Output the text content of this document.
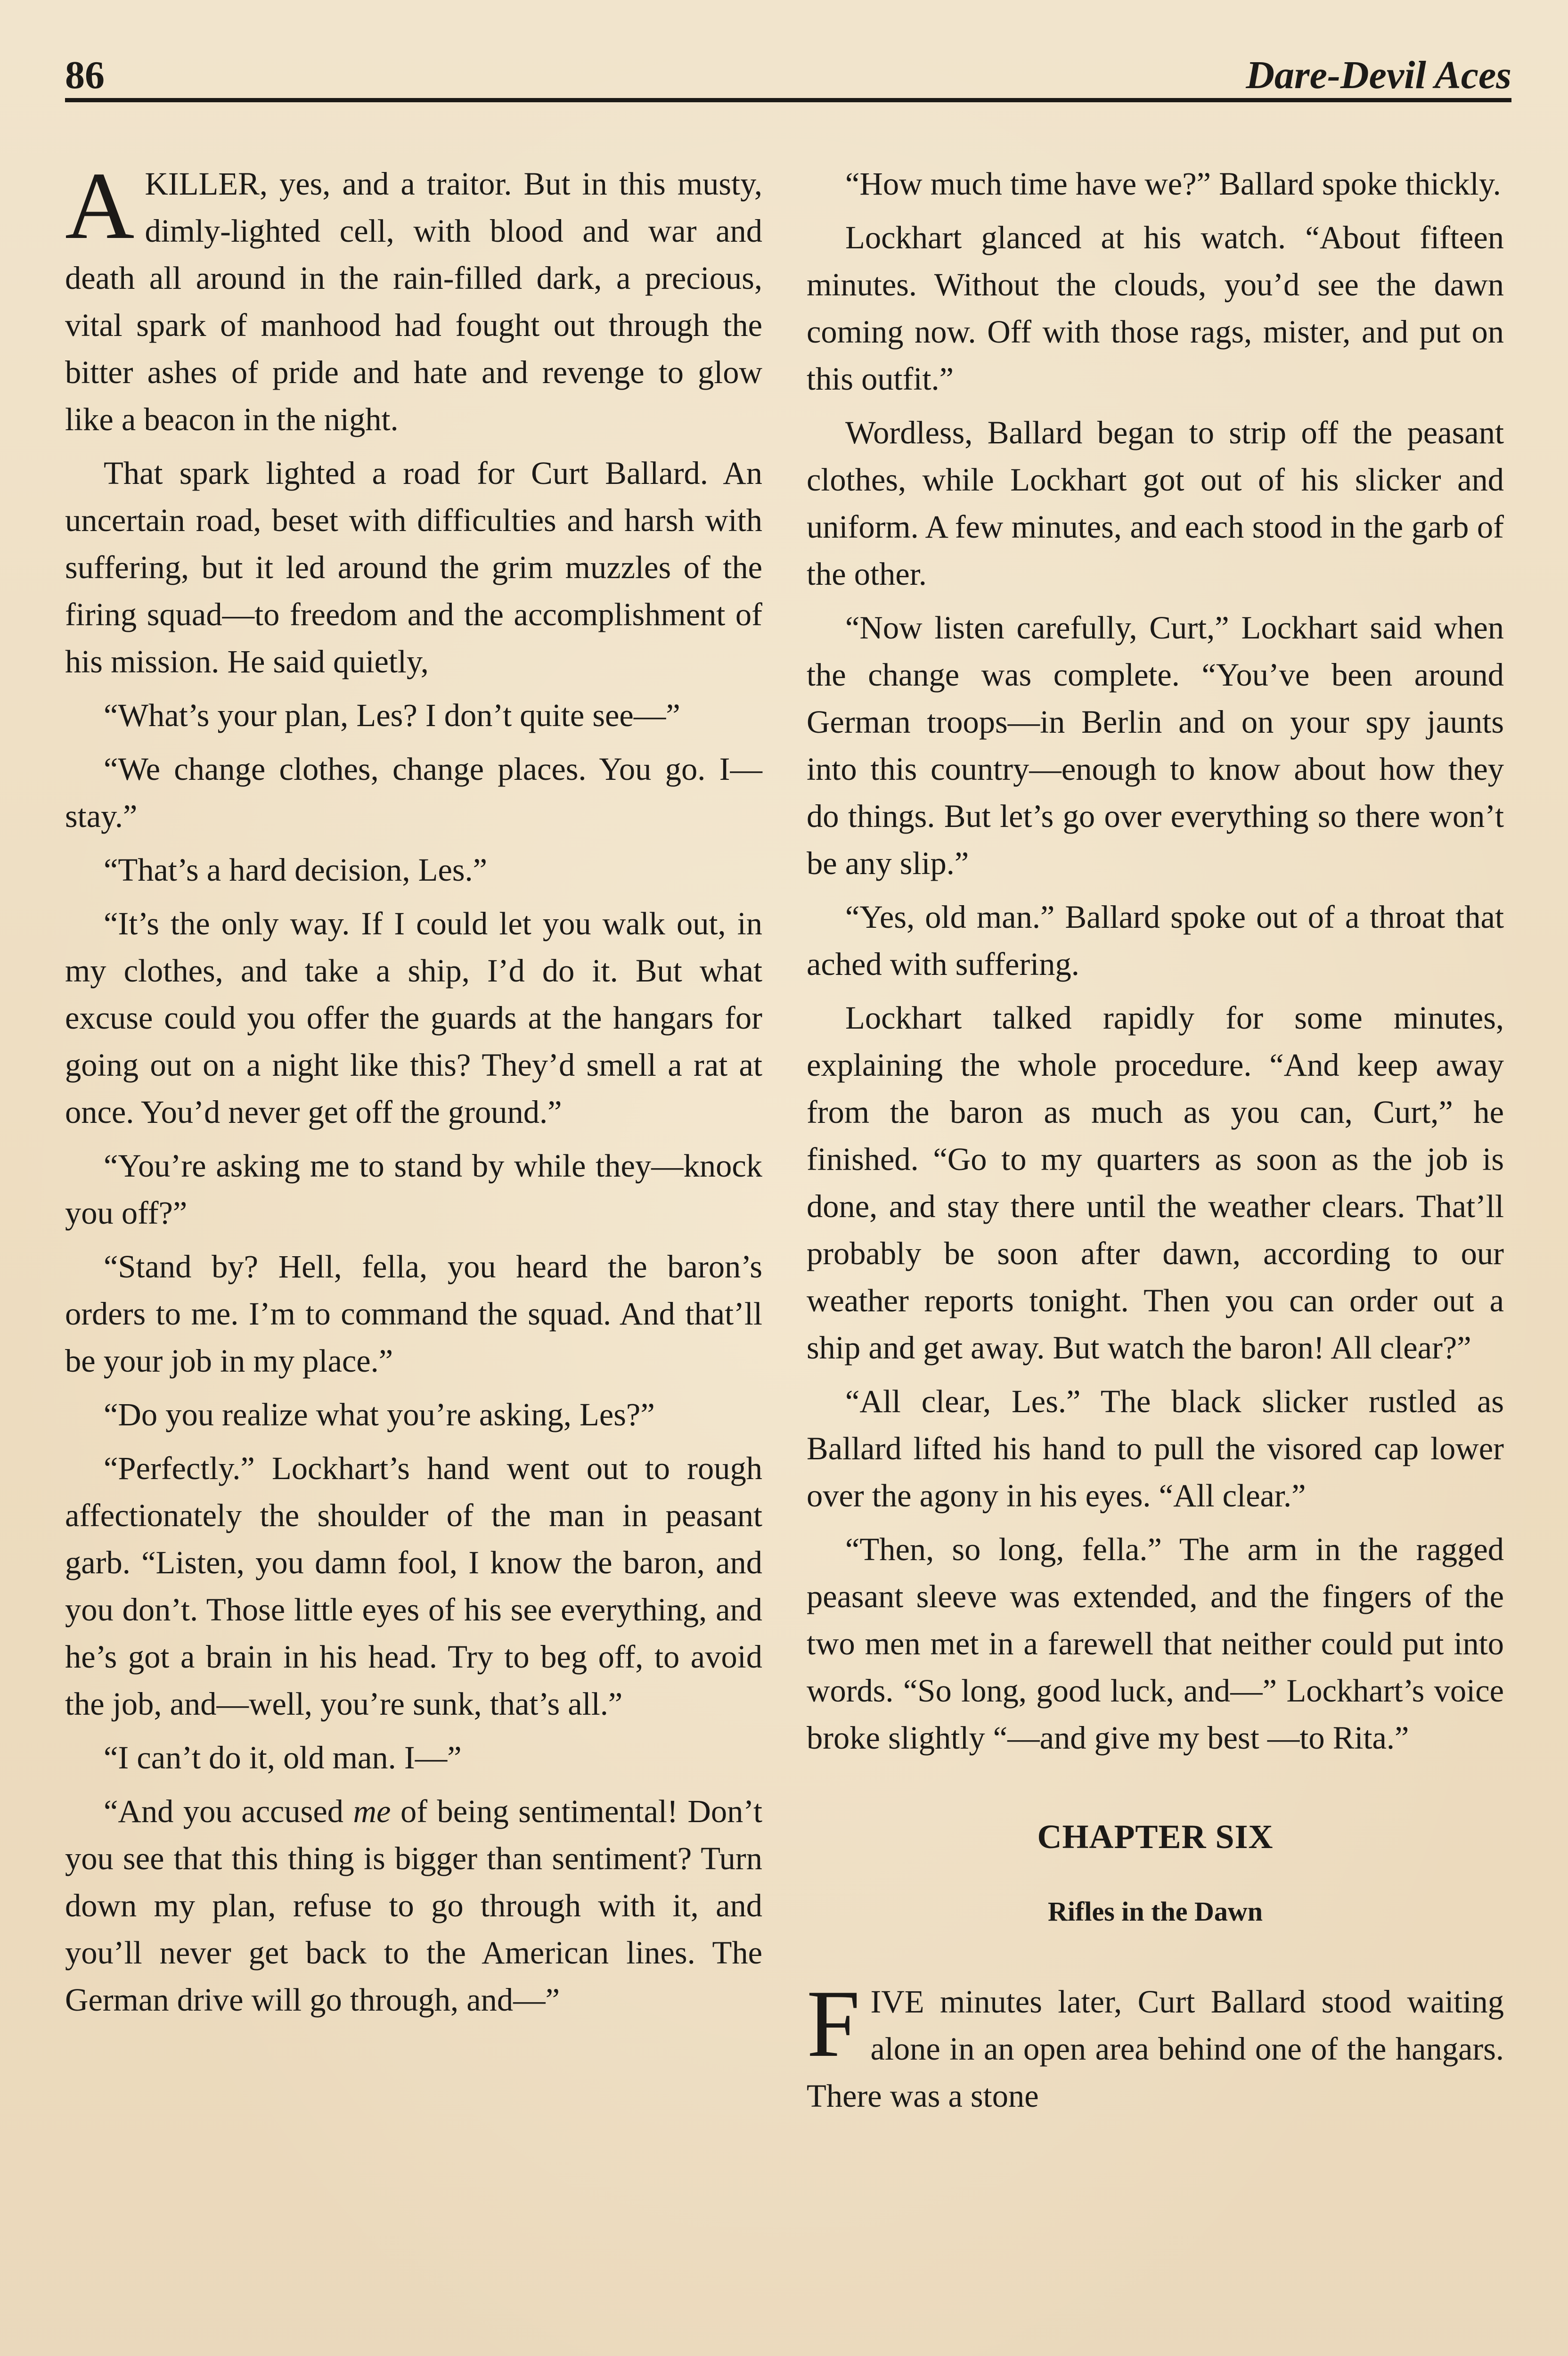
86	Dare-Devil Aces

AKILLER, yes, and a traitor. But in this musty, dimly-lighted cell, with blood and war and death all around in the rain-filled dark, a precious, vital spark of manhood had fought out through the bitter ashes of pride and hate and revenge to glow like a beacon in the night.

That spark lighted a road for Curt Ballard. An uncertain road, beset with difficulties and harsh with suffering, but it led around the grim muzzles of the firing squad—to freedom and the accomplishment of his mission. He said quietly,

“What’s your plan, Les? I don’t quite see—”

“We change clothes, change places. You go. I—stay.”

“That’s a hard decision, Les.”

“It’s the only way. If I could let you walk out, in my clothes, and take a ship, I’d do it. But what excuse could you offer the guards at the hangars for going out on a night like this? They’d smell a rat at once. You’d never get off the ground.”

“You’re asking me to stand by while they—knock you off?”

“Stand by? Hell, fella, you heard the baron’s orders to me. I’m to command the squad. And that’ll be your job in my place.”

“Do you realize what you’re asking, Les?”

“Perfectly.” Lockhart’s hand went out to rough affectionately the shoulder of the man in peasant garb. “Listen, you damn fool, I know the baron, and you don’t. Those little eyes of his see everything, and he’s got a brain in his head. Try to beg off, to avoid the job, and—well, you’re sunk, that’s all.”

“I can’t do it, old man. I—”

“And you accused me of being sentimental! Don’t you see that this thing is bigger than sentiment? Turn down my plan, refuse to go through with it, and you’ll never get back to the American lines. The German drive will go through, and—”

“How much time have we?” Ballard spoke thickly.

Lockhart glanced at his watch. “About fifteen minutes. Without the clouds, you’d see the dawn coming now. Off with those rags, mister, and put on this outfit.”

Wordless, Ballard began to strip off the peasant clothes, while Lockhart got out of his slicker and uniform. A few minutes, and each stood in the garb of the other.

“Now listen carefully, Curt,” Lockhart said when the change was complete. “You’ve been around German troops—in Berlin and on your spy jaunts into this country—enough to know about how they do things. But let’s go over everything so there won’t be any slip.”

“Yes, old man.” Ballard spoke out of a throat that ached with suffering.

Lockhart talked rapidly for some minutes, explaining the whole procedure. “And keep away from the baron as much as you can, Curt,” he finished. “Go to my quarters as soon as the job is done, and stay there until the weather clears. That’ll probably be soon after dawn, according to our weather reports tonight. Then you can order out a ship and get away. But watch the baron! All clear?”

“All clear, Les.” The black slicker rustled as Ballard lifted his hand to pull the visored cap lower over the agony in his eyes. “All clear.”

“Then, so long, fella.” The arm in the ragged peasant sleeve was extended, and the fingers of the two men met in a farewell that neither could put into words. “So long, good luck, and—” Lockhart’s voice broke slightly “—and give my best —to Rita.”

CHAPTER SIX
Rifles in the Dawn

FIVE minutes later, Curt Ballard stood waiting alone in an open area behind one of the hangars. There was a stone
